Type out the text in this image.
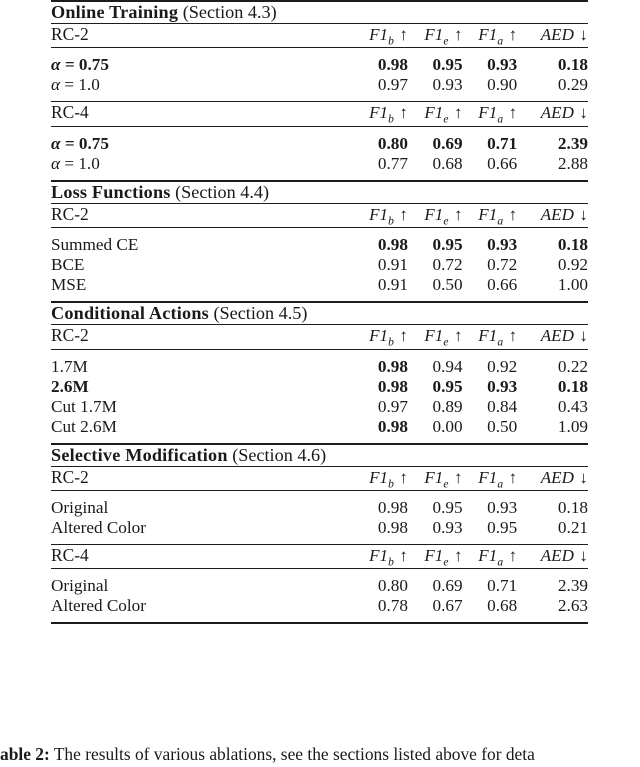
Online Training (Section 4.3)				

RC-2	$F1_b$ ↑	$F1_e$ ↑	$F1_a$ ↑	AED ↓

α = 0.75	0.98	0.95	0.93	0.18
α = 1.0	0.97	0.93	0.90	0.29

RC-4	$F1_b$ ↑	$F1_e$ ↑	$F1_a$ ↑	AED ↓

α = 0.75	0.80	0.69	0.71	2.39
α = 1.0	0.77	0.68	0.66	2.88

Loss Functions (Section 4.4)				

RC-2	$F1_b$ ↑	$F1_e$ ↑	$F1_a$ ↑	AED ↓

Summed CE	0.98	0.95	0.93	0.18
BCE	0.91	0.72	0.72	0.92
MSE	0.91	0.50	0.66	1.00

Conditional Actions (Section 4.5)				

RC-2	$F1_b$ ↑	$F1_e$ ↑	$F1_a$ ↑	AED ↓

1.7M	0.98	0.94	0.92	0.22
2.6M	0.98	0.95	0.93	0.18
Cut 1.7M	0.97	0.89	0.84	0.43
Cut 2.6M	0.98	0.00	0.50	1.09

Selective Modification (Section 4.6)				

RC-2	$F1_b$ ↑	$F1_e$ ↑	$F1_a$ ↑	AED ↓

Original	0.98	0.95	0.93	0.18
Altered Color	0.98	0.93	0.95	0.21

RC-4	$F1_b$ ↑	$F1_e$ ↑	$F1_a$ ↑	AED ↓

Original	0.80	0.69	0.71	2.39
Altered Color	0.78	0.67	0.68	2.63

able 2: The results of various ablations, see the sections listed above for deta
